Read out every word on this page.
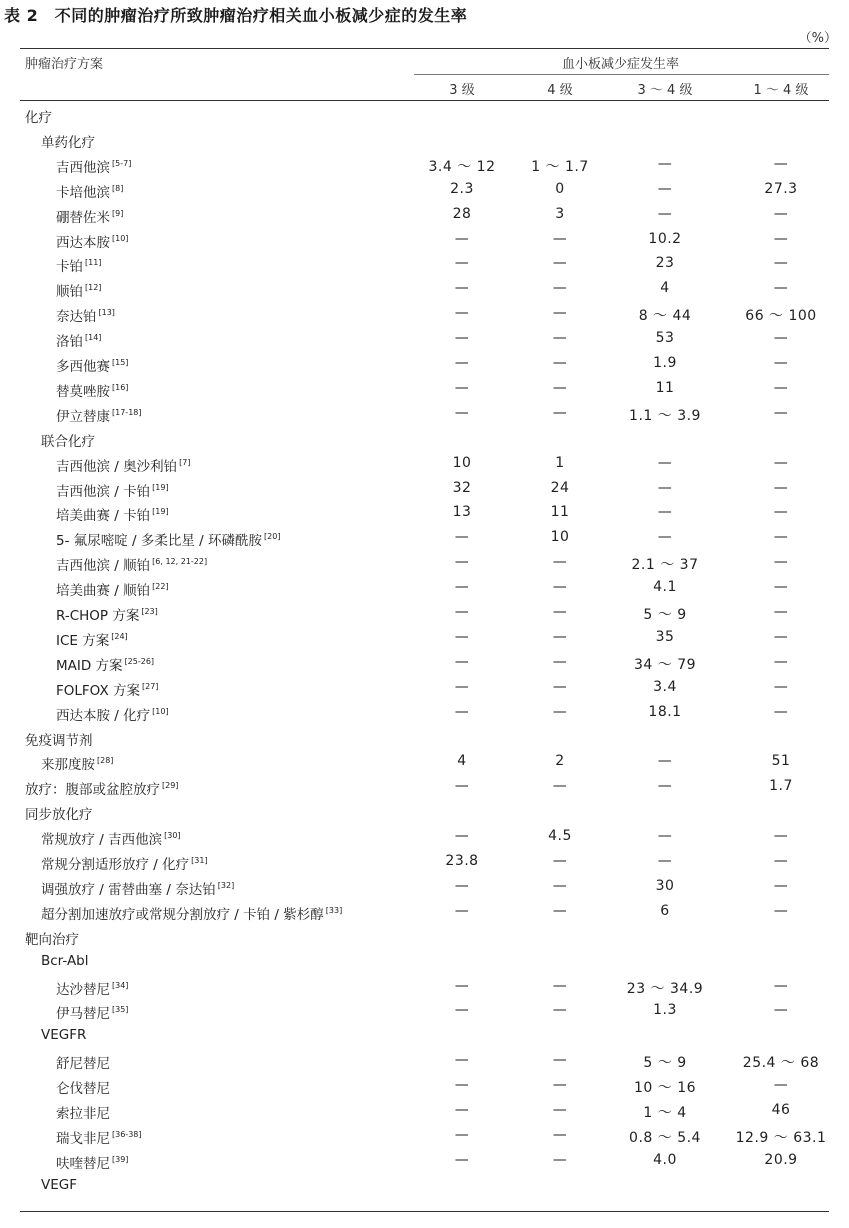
表 2　不同的肿瘤治疗所致肿瘤治疗相关血小板减少症的发生率
（%）
肿瘤治疗方案	血小板减少症发生率
3 级	4 级	3 ～ 4 级	1 ～ 4 级
化疗
单药化疗
吉西他滨 [5-7]	3.4 ～ 12	1 ～ 1.7	—	—
卡培他滨 [8]	2.3	0	—	27.3
硼替佐米 [9]	28	3	—	—
西达本胺 [10]	—	—	10.2	—
卡铂 [11]	—	—	23	—
顺铂 [12]	—	—	4	—
奈达铂 [13]	—	—	8 ～ 44	66 ～ 100
洛铂 [14]	—	—	53	—
多西他赛 [15]	—	—	1.9	—
替莫唑胺 [16]	—	—	11	—
伊立替康 [17-18]	—	—	1.1 ～ 3.9	—
联合化疗
吉西他滨 / 奥沙利铂 [7]	10	1	—	—
吉西他滨 / 卡铂 [19]	32	24	—	—
培美曲赛 / 卡铂 [19]	13	11	—	—
5- 氟尿嘧啶 / 多柔比星 / 环磷酰胺 [20]	—	10	—	—
吉西他滨 / 顺铂 [6, 12, 21-22]	—	—	2.1 ～ 37	—
培美曲赛 / 顺铂 [22]	—	—	4.1	—
R-CHOP 方案 [23]	—	—	5 ～ 9	—
ICE 方案 [24]	—	—	35	—
MAID 方案 [25-26]	—	—	34 ～ 79	—
FOLFOX 方案 [27]	—	—	3.4	—
西达本胺 / 化疗 [10]	—	—	18.1	—
免疫调节剂
来那度胺 [28]	4	2	—	51
放疗：腹部或盆腔放疗 [29]	—	—	—	1.7
同步放化疗
常规放疗 / 吉西他滨 [30]	—	4.5	—	—
常规分割适形放疗 / 化疗 [31]	23.8	—	—	—
调强放疗 / 雷替曲塞 / 奈达铂 [32]	—	—	30	—
超分割加速放疗或常规分割放疗 / 卡铂 / 紫杉醇 [33]	—	—	6	—
靶向治疗
Bcr-Abl
达沙替尼 [34]	—	—	23 ～ 34.9	—
伊马替尼 [35]	—	—	1.3	—
VEGFR
舒尼替尼	—	—	5 ～ 9	25.4 ～ 68
仑伐替尼	—	—	10 ～ 16	—
索拉非尼	—	—	1 ～ 4	46
瑞戈非尼 [36-38]	—	—	0.8 ～ 5.4	12.9 ～ 63.1
呋喹替尼 [39]	—	—	4.0	20.9
VEGF
